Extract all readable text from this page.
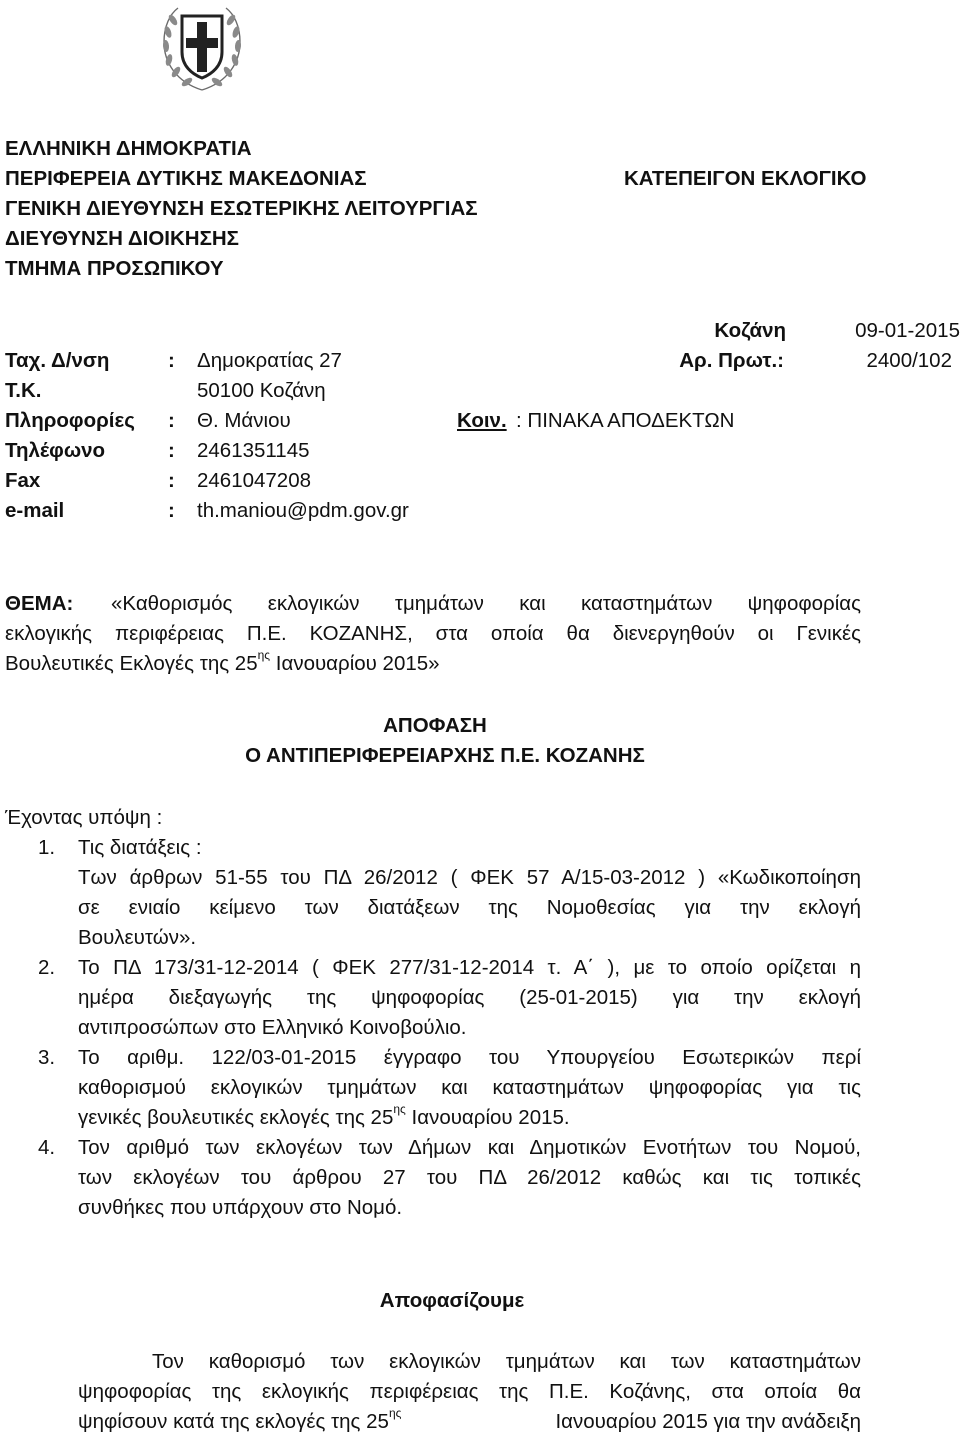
ΕΛΛΗΝΙΚΗ ΔΗΜΟΚΡΑΤΙΑ
ΠΕΡΙΦΕΡΕΙΑ ΔΥΤΙΚΗΣ ΜΑΚΕΔΟΝΙΑΣ
ΓΕΝΙΚΗ ΔΙΕΥΘΥΝΣΗ ΕΣΩΤΕΡΙΚΗΣ ΛΕΙΤΟΥΡΓΙΑΣ
ΔΙΕΥΘΥΝΣΗ ΔΙΟΙΚΗΣΗΣ
ΤΜΗΜΑ ΠΡΟΣΩΠΙΚΟΥ
ΚΑΤΕΠΕΙΓΟΝ ΕΚΛΟΓΙΚΟ
Κοζάνη	09-01-2015
Αρ. Πρωτ.:	2400/102
Κοιν. : ΠΙΝΑΚΑ ΑΠΟΔΕΚΤΩΝ
Ταχ. Δ/νση	: Δημοκρατίας 27
Τ.Κ.	50100 Κοζάνη
Πληροφορίες : Θ. Μάνιου
Τηλέφωνο	: 2461351145
Fax	: 2461047208
e-mail	: th.maniou@pdm.gov.gr
ΘΕΜΑ: «Καθορισμός εκλογικών τμημάτων και καταστημάτων ψηφοφορίας
εκλογικής περιφέρειας Π.Ε. ΚΟΖΑΝΗΣ, στα οποία θα διενεργηθούν οι Γενικές
Βουλευτικές Εκλογές της $25^{\eta\varsigma}$ Ιανουαρίου 2015»
ΑΠΟΦΑΣΗ
Ο ΑΝΤΙΠΕΡΙΦΕΡΕΙΑΡΧΗΣ Π.Ε. ΚΟΖΑΝΗΣ
Έχοντας υπόψη :
1. Τις διατάξεις :
Των άρθρων 51-55 του ΠΔ 26/2012 ( ΦΕΚ 57 Α/15-03-2012 ) «Κωδικοποίηση
σε ενιαίο κείμενο των διατάξεων της Νομοθεσίας για την εκλογή
Βουλευτών».
2. Το ΠΔ 173/31-12-2014 ( ΦΕΚ 277/31-12-2014 τ. Α΄ ), με το οποίο ορίζεται η
ημέρα διεξαγωγής της ψηφοφορίας (25-01-2015) για την εκλογή
αντιπροσώπων στο Ελληνικό Κοινοβούλιο.
3. Το αριθμ. 122/03-01-2015 έγγραφο του Υπουργείου Εσωτερικών περί
καθορισμού εκλογικών τμημάτων και καταστημάτων ψηφοφορίας για τις
γενικές βουλευτικές εκλογές της $25^{\eta\varsigma}$ Ιανουαρίου 2015.
4. Τον αριθμό των εκλογέων των Δήμων και Δημοτικών Ενοτήτων του Νομού,
των εκλογέων του άρθρου 27 του ΠΔ 26/2012 καθώς και τις τοπικές
συνθήκες που υπάρχουν στο Νομό.
Αποφασίζουμε
Τον καθορισμό των εκλογικών τμημάτων και των καταστημάτων
ψηφοφορίας της εκλογικής περιφέρειας της Π.Ε. Κοζάνης, στα οποία θα
ψηφίσουν κατά της εκλογές της $25^{\eta\varsigma}$	Ιανουαρίου 2015 για την ανάδειξη
